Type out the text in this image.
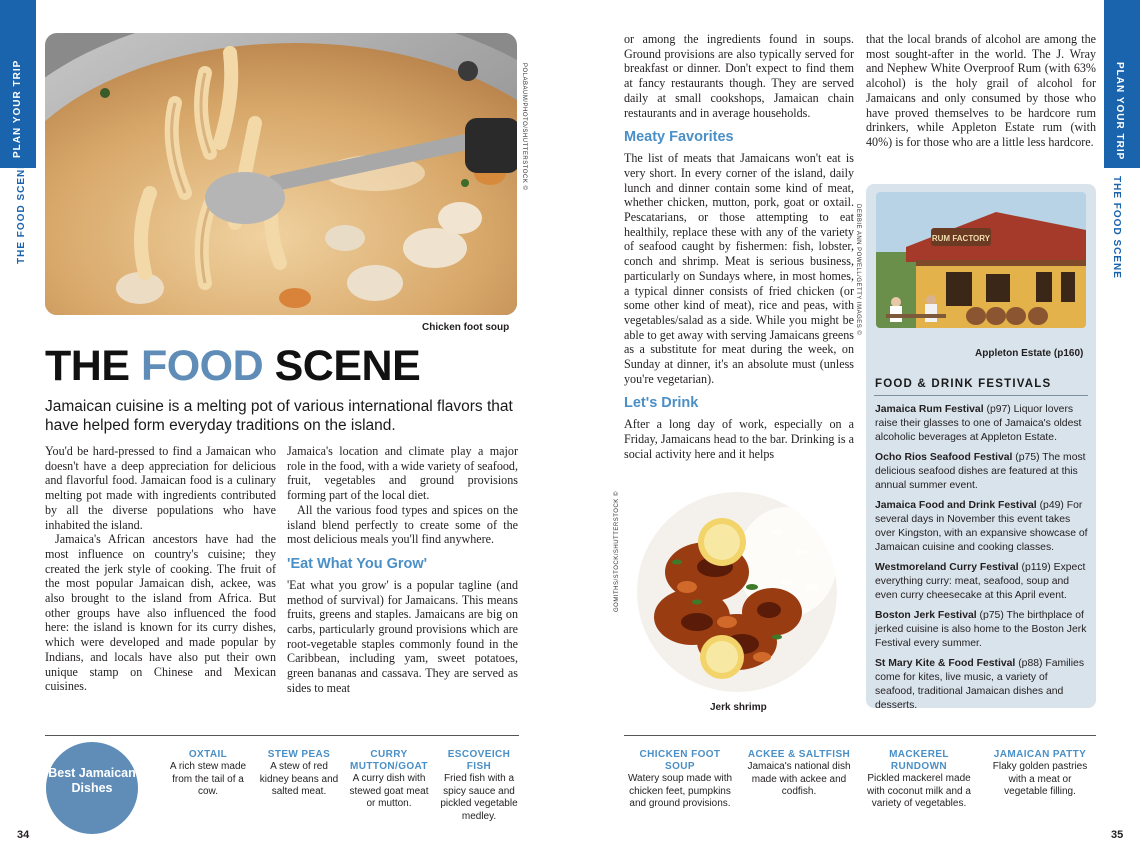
PLAN YOUR TRIP
THE FOOD SCENE
PLAN YOUR TRIP
THE FOOD SCENE
POLABAUM/PHOTO/SHUTTERSTOCK ©
Chicken foot soup
THE FOOD SCENE
Jamaican cuisine is a melting pot of various international flavors that have helped form everyday traditions on the island.

You'd be hard-pressed to find a Jamaican who doesn't have a deep appreciation for delicious and flavorful food. Jamaican food is a culinary melting pot made with ingredients contributed by all the diverse populations who have inhabited the island.

Jamaica's African ancestors have had the most influence on country's cuisine; they created the jerk style of cooking. The fruit of the most popular Jamaican dish, ackee, was also brought to the island from Africa. But other groups have also influenced the food here: the island is known for its curry dishes, which were developed and made popular by Indians, and locals have also put their own unique stamp on Chinese and Mexican cuisines.

Jamaica's location and climate play a major role in the food, with a wide variety of seafood, fruit, vegetables and ground provisions forming part of the local diet.

All the various food types and spices on the island blend perfectly to create some of the most delicious meals you'll find anywhere.

'Eat What You Grow'

'Eat what you grow' is a popular tagline (and method of survival) for Jamaicans. This means fruits, greens and staples. Jamaicans are big on carbs, particularly ground provisions which are root-vegetable staples commonly found in the Caribbean, including yam, sweet potatoes, green bananas and cassava. They are served as sides to meat

or among the ingredients found in soups. Ground provisions are also typically served for breakfast or dinner. Don't expect to find them at fancy restaurants though. They are served daily at small cookshops, Jamaican chain restaurants and in average households.

Meaty Favorites

The list of meats that Jamaicans won't eat is very short. In every corner of the island, daily lunch and dinner contain some kind of meat, whether chicken, mutton, pork, goat or oxtail. Pescatarians, or those attempting to eat healthily, replace these with any of the variety of seafood caught by fishermen: fish, lobster, conch and shrimp. Meat is serious business, particularly on Sundays where, in most homes, a typical dinner consists of fried chicken (or some other kind of meat), rice and peas, with vegetables/salad as a side. While you might be able to get away with serving Jamaicans greens as a substitute for meat during the week, on Sunday at dinner, it's an absolute must (unless you're vegetarian).

Let's Drink

After a long day of work, especially on a Friday, Jamaicans head to the bar. Drinking is a social activity here and it helps

that the local brands of alcohol are among the most sought-after in the world. The J. Wray and Nephew White Overproof Rum (with 63% alcohol) is the holy grail of alcohol for Jamaicans and only consumed by those who have proved themselves to be hardcore rum drinkers, while Appleton Estate rum (with 40%) is for those who are a little less hardcore.

GOMITHS/STOCK/SHUTTERSTOCK ©
Jerk shrimp
RUM FACTORY
DEBBIE ANN POWELL/GETTY IMAGES ©
Appleton Estate (p160)
FOOD & DRINK FESTIVALS

Jamaica Rum Festival (p97) Liquor lovers raise their glasses to one of Jamaica's oldest alcoholic beverages at Appleton Estate.

Ocho Rios Seafood Festival (p75) The most delicious seafood dishes are featured at this annual summer event.

Jamaica Food and Drink Festival (p49) For several days in November this event takes over Kingston, with an expansive showcase of Jamaican cuisine and cooking classes.

Westmoreland Curry Festival (p119) Expect everything curry: meat, seafood, soup and even curry cheesecake at this April event.

Boston Jerk Festival (p75) The birthplace of jerked cuisine is also home to the Boston Jerk Festival every summer.

St Mary Kite & Food Festival (p88) Families come for kites, live music, a variety of seafood, traditional Jamaican dishes and desserts.

Best Jamaican Dishes
OXTAIL
A rich stew made from the tail of a cow.
STEW PEAS
A stew of red kidney beans and salted meat.
CURRY MUTTON/GOAT
A curry dish with stewed goat meat or mutton.
ESCOVEICH FISH
Fried fish with a spicy sauce and pickled vegetable medley.
CHICKEN FOOT SOUP
Watery soup made with chicken feet, pumpkins and ground provisions.
ACKEE & SALTFISH
Jamaica's national dish made with ackee and codfish.
MACKEREL RUNDOWN
Pickled mackerel made with coconut milk and a variety of vegetables.
JAMAICAN PATTY
Flaky golden pastries with a meat or vegetable filling.
34	35
